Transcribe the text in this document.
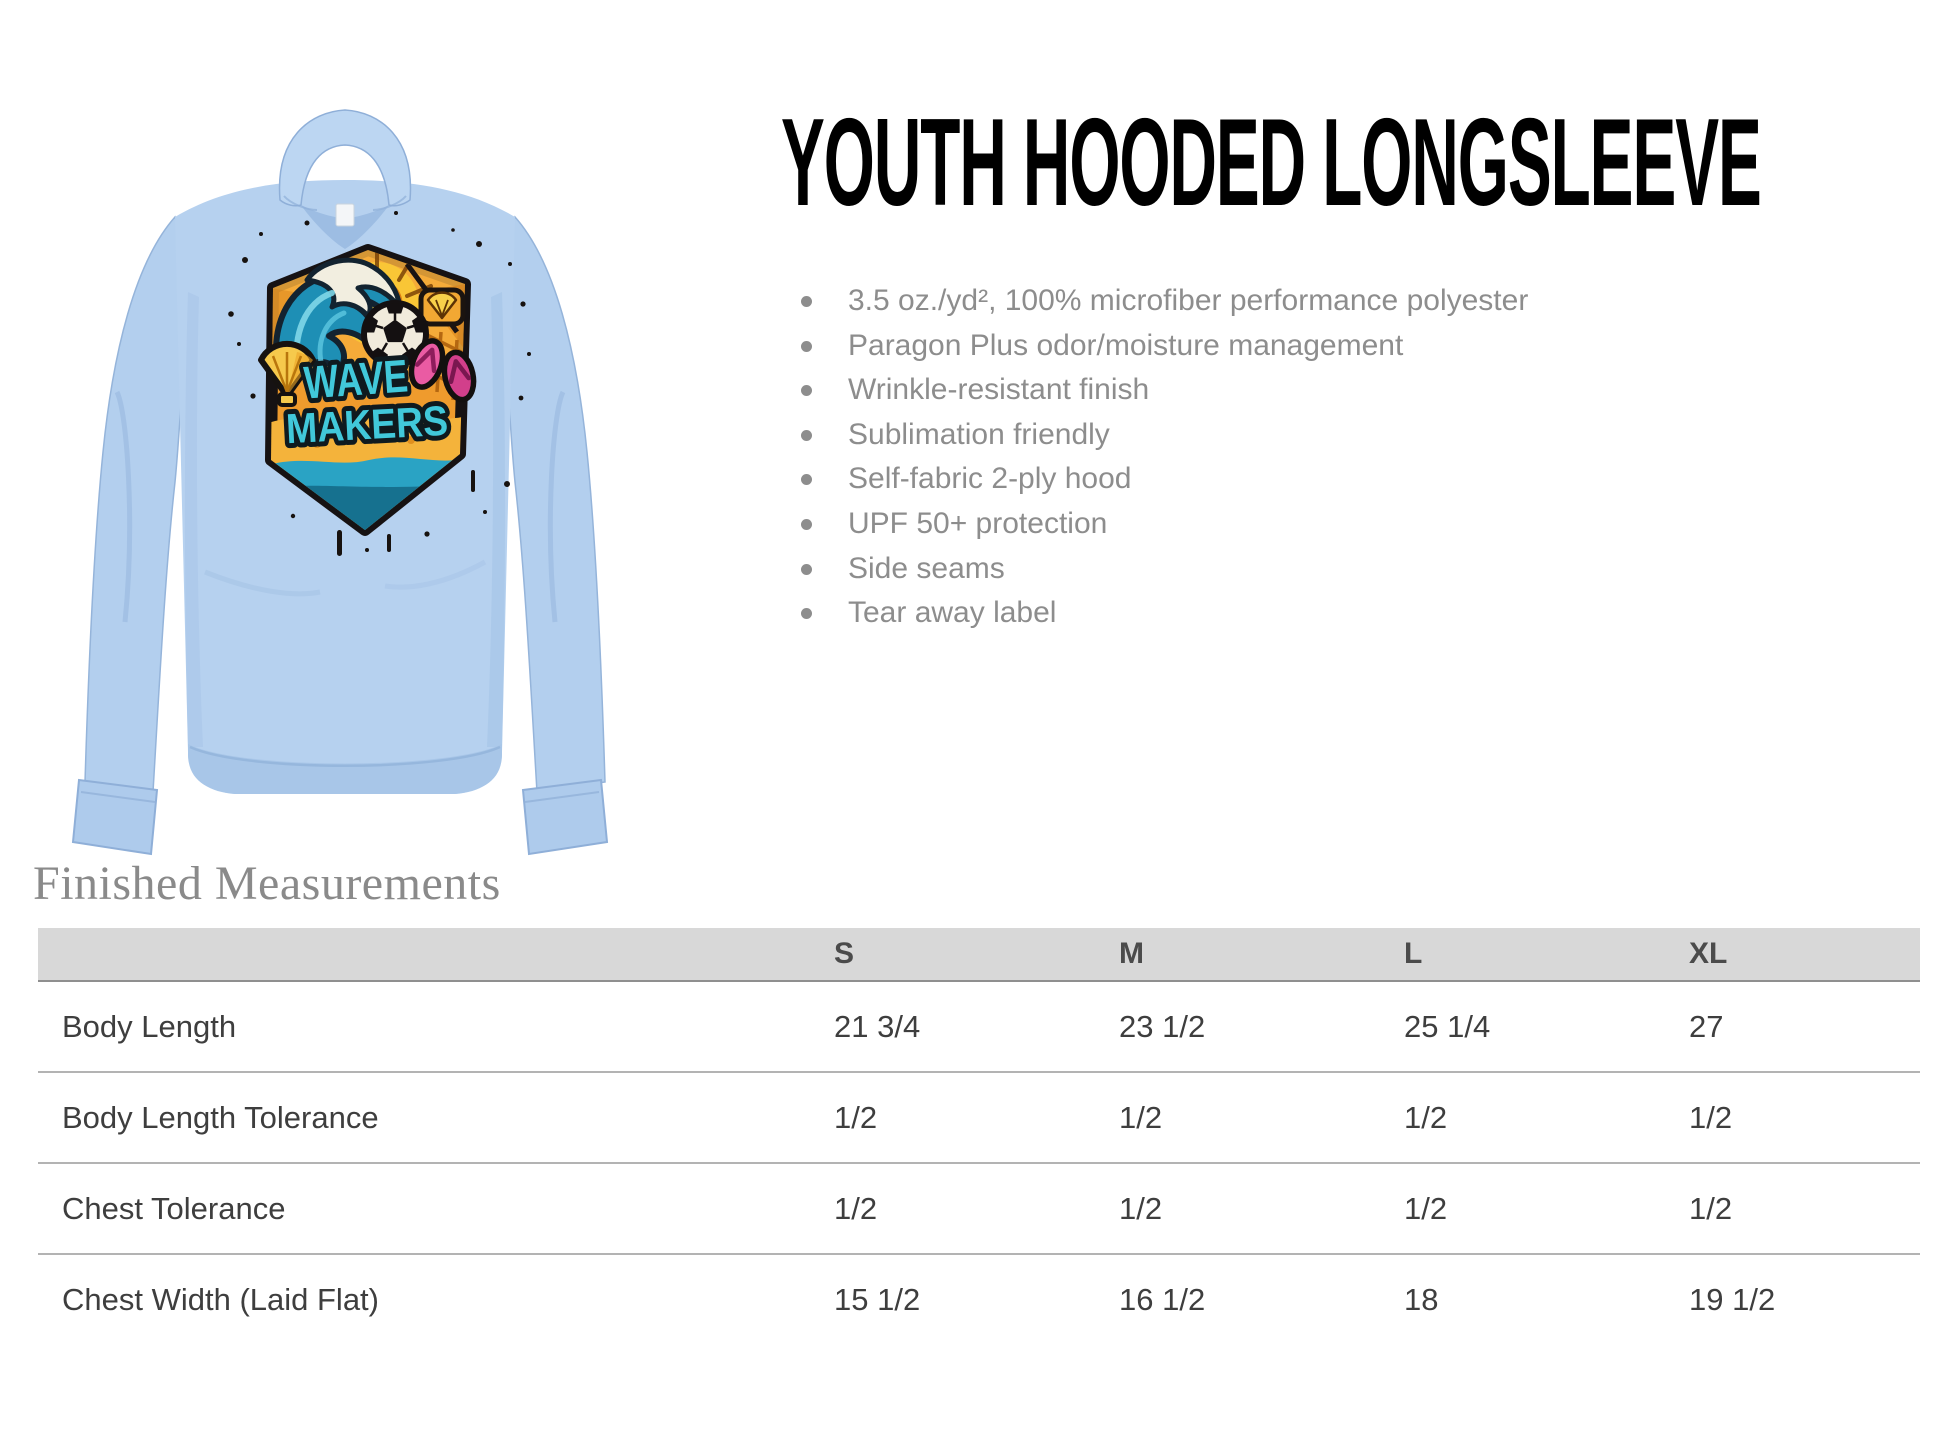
WAVE
MAKERS
YOUTH HOODED LONGSLEEVE
3.5 oz./yd², 100% microfiber performance polyester
Paragon Plus odor/moisture management
Wrinkle-resistant finish
Sublimation friendly
Self-fabric 2-ply hood
UPF 50+ protection
Side seams
Tear away label
Finished Measurements
	S	M	L	XL
Body Length	21 3/4	23 1/2	25 1/4	27
Body Length Tolerance	1/2	1/2	1/2	1/2
Chest Tolerance	1/2	1/2	1/2	1/2
Chest Width (Laid Flat)	15 1/2	16 1/2	18	19 1/2
